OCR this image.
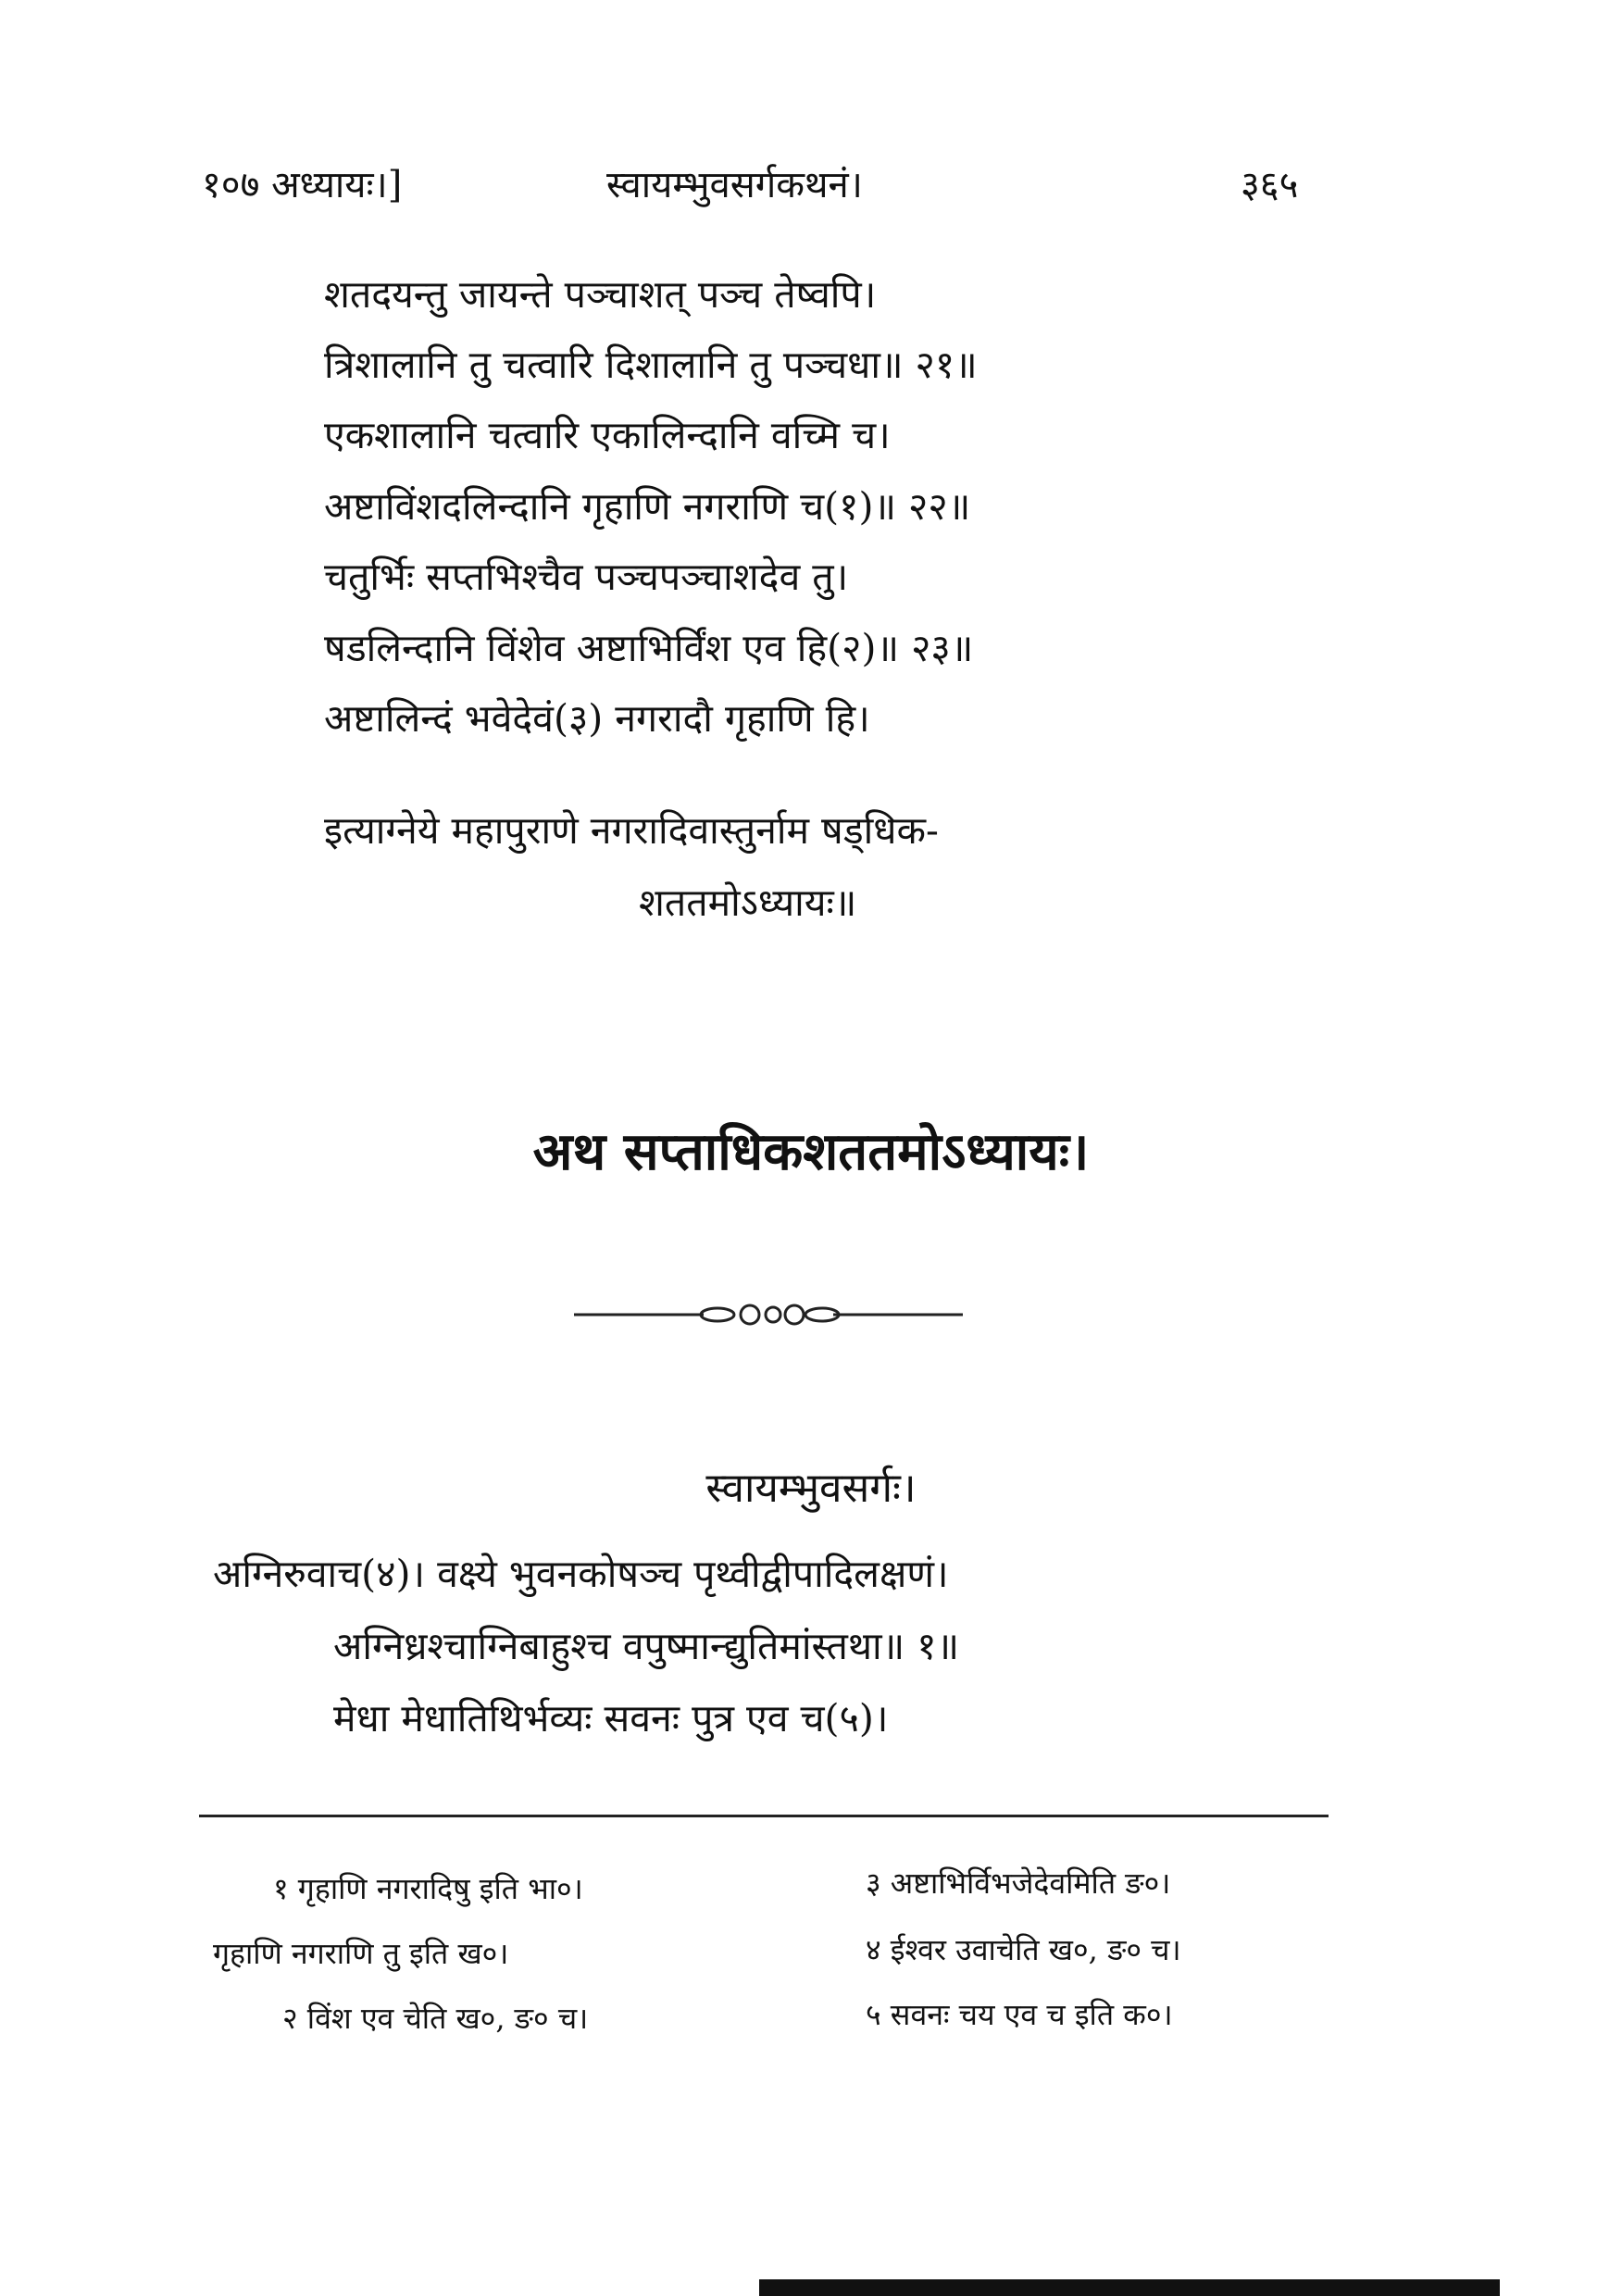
१०७ अध्यायः।]	स्वायम्भुवसर्गकथनं।	३६५
शतदयन्तु जायन्ते पञ्चाशत् पञ्च तेष्वपि।
त्रिशालानि तु चत्वारि दिशालानि तु पञ्चधा॥ २१॥
एकशालानि चत्वारि एकालिन्दानि वच्मि च।
अष्टाविंशदलिन्दानि गृहाणि नगराणि च(१)॥ २२॥
चतुर्भिः सप्तभिश्चैव पञ्चपञ्चाशदेव तु।
षडलिन्दानि विंशेव अष्टाभिर्विंश एव हि(२)॥ २३॥
अष्टालिन्दं भवेदेवं(३) नगरादौ गृहाणि हि।
इत्याग्नेये महापुराणे नगरादिवास्तुर्नाम षड्धिक-
शततमोऽध्यायः॥
अथ सप्ताधिकशततमोऽध्यायः।
स्वायम्भुवसर्गः।
अग्निरुवाच(४)। वक्ष्ये भुवनकोषञ्च पृथ्वीद्वीपादिलक्षणं।
अग्निध्रश्चाग्निबाहुश्च वपुष्मान्द्युतिमांस्तथा॥ १॥
मेधा मेधातिथिर्भव्यः सवनः पुत्र एव च(५)।
१ गृहाणि नगरादिषु इति भा०।
गृहाणि नगराणि तु इति ख०।
२ विंश एव चेति ख०, ङ० च।
३ अष्टाभिर्विभजेदेवमिति ङ०।
४ ईश्वर उवाचेति ख०, ङ० च।
५ सवनः चय एव च इति क०।
